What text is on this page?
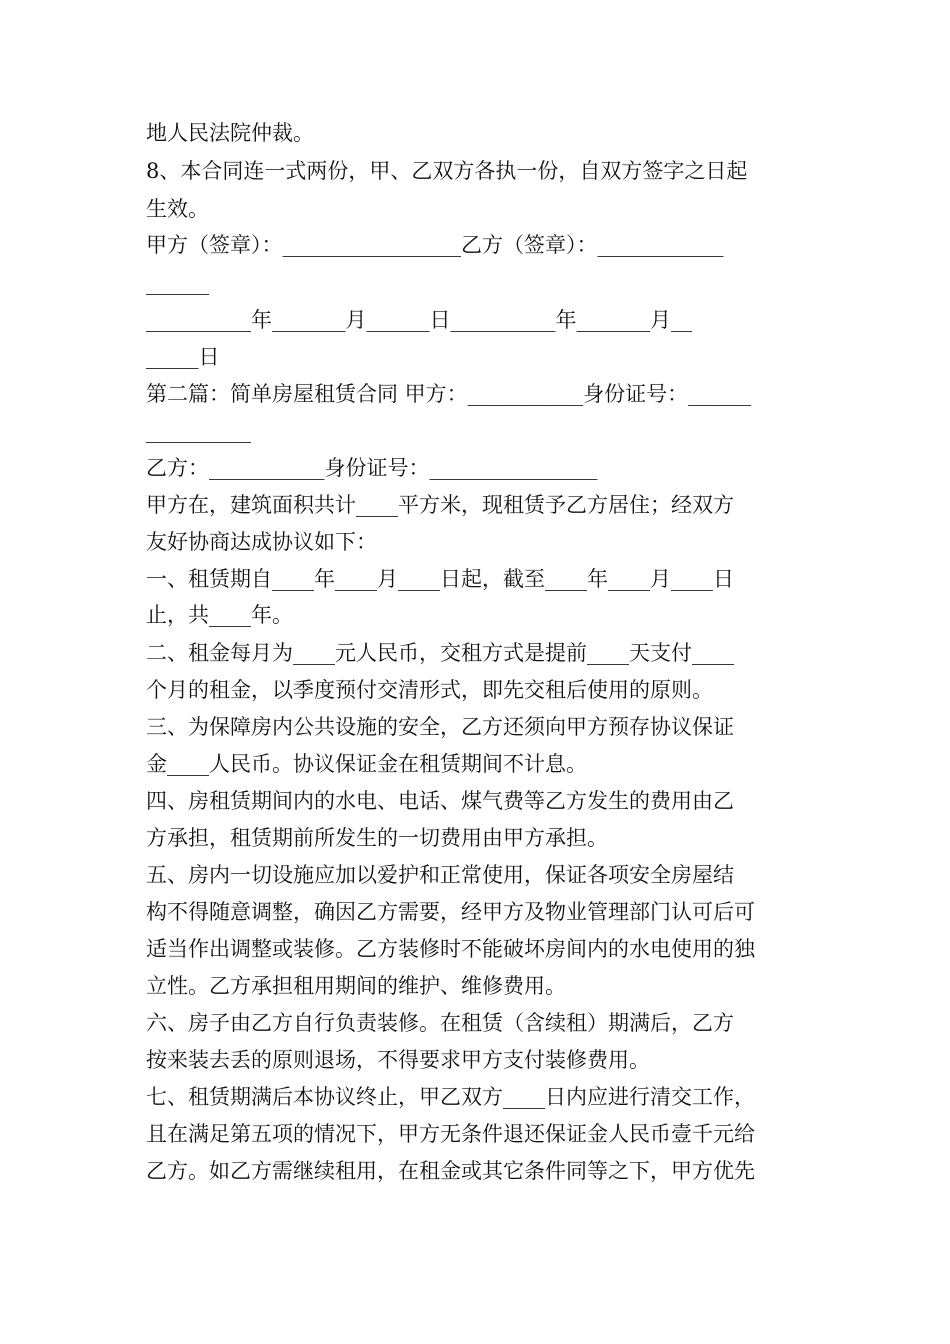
地人民法院仲裁。

8、本合同连一式两份，甲、乙双方各执一份，自双方签字之日起

生效。

甲方（签章）：_________________乙方（签章）：____________

______

__________年_______月______日__________年_______月__

_____日

第二篇：简单房屋租赁合同 甲方：___________身份证号：______

__________

乙方：___________身份证号：________________

甲方在，建筑面积共计____平方米，现租赁予乙方居住；经双方

友好协商达成协议如下：

一、租赁期自____年____月____日起，截至____年____月____日

止，共____年。

二、租金每月为____元人民币，交租方式是提前____天支付____

个月的租金，以季度预付交清形式，即先交租后使用的原则。

三、为保障房内公共设施的安全，乙方还须向甲方预存协议保证

金____人民币。协议保证金在租赁期间不计息。

四、房租赁期间内的水电、电话、煤气费等乙方发生的费用由乙

方承担，租赁期前所发生的一切费用由甲方承担。

五、房内一切设施应加以爱护和正常使用，保证各项安全房屋结

构不得随意调整，确因乙方需要，经甲方及物业管理部门认可后可

适当作出调整或装修。乙方装修时不能破坏房间内的水电使用的独

立性。乙方承担租用期间的维护、维修费用。

六、房子由乙方自行负责装修。在租赁（含续租）期满后，乙方

按来装去丢的原则退场，不得要求甲方支付装修费用。

七、租赁期满后本协议终止，甲乙双方____日内应进行清交工作，

且在满足第五项的情况下，甲方无条件退还保证金人民币壹千元给

乙方。如乙方需继续租用，在租金或其它条件同等之下，甲方优先
